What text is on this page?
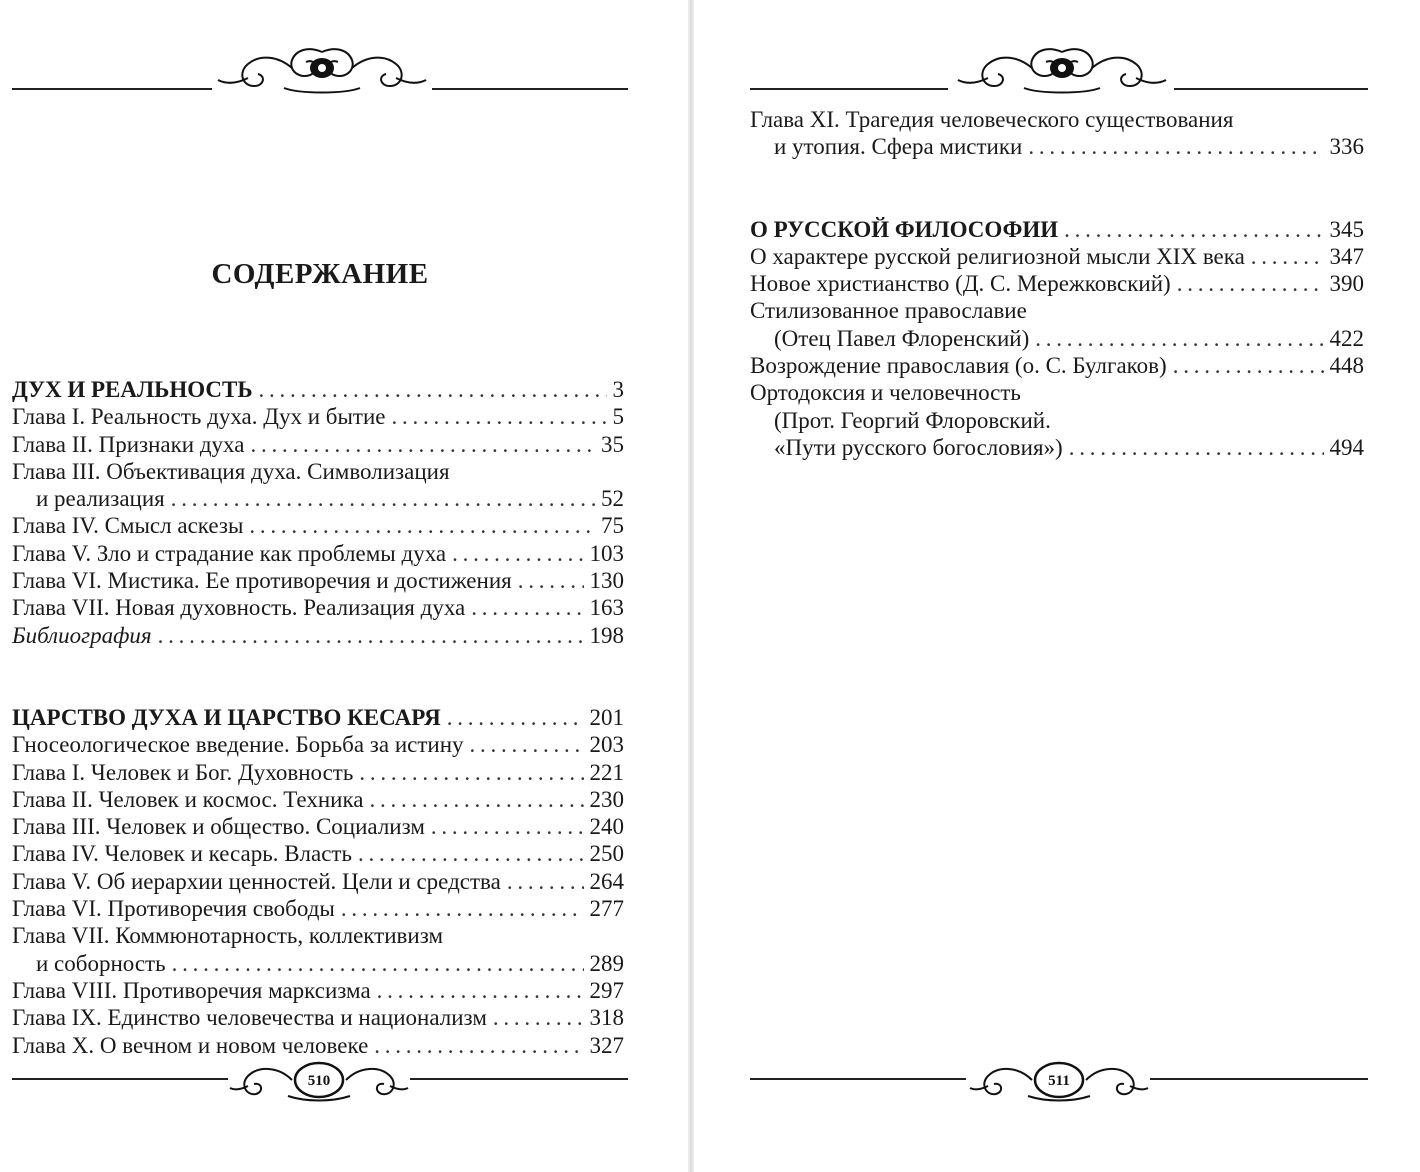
СОДЕРЖАНИЕ
ДУХ И РЕАЛЬНОСТЬ . . .	3
Глава I. Реальность духа. Дух и бытие . . .	5
Глава II. Признаки духа . . .	35
Глава III. Объективация духа. Символизация
и реализация . . .	52
Глава IV. Смысл аскезы . . .	75
Глава V. Зло и страдание как проблемы духа . . .	103
Глава VI. Мистика. Ее противоречия и достижения . . .	130
Глава VII. Новая духовность. Реализация духа . . .	163
Библиография . . .	198
ЦАРСТВО ДУХА И ЦАРСТВО КЕСАРЯ . . .	201
Гносеологическое введение. Борьба за истину . . .	203
Глава I. Человек и Бог. Духовность . . .	221
Глава II. Человек и космос. Техника . . .	230
Глава III. Человек и общество. Социализм . . .	240
Глава IV. Человек и кесарь. Власть . . .	250
Глава V. Об иерархии ценностей. Цели и средства . . .	264
Глава VI. Противоречия свободы . . .	277
Глава VII. Коммюнотарность, коллективизм
и соборность . . .	289
Глава VIII. Противоречия марксизма . . .	297
Глава IX. Единство человечества и национализм . . .	318
Глава X. О вечном и новом человеке . . .	327
510
Глава XI. Трагедия человеческого существования
и утопия. Сфера мистики . . .	336
О РУССКОЙ ФИЛОСОФИИ . . .	345
О характере русской религиозной мысли XIX века . . .	347
Новое христианство (Д. С. Мережковский) . . .	390
Стилизованное православие
(Отец Павел Флоренский) . . .	422
Возрождение православия (о. С. Булгаков) . . .	448
Ортодоксия и человечность
(Прот. Георгий Флоровский.
«Пути русского богословия») . . .	494
511
